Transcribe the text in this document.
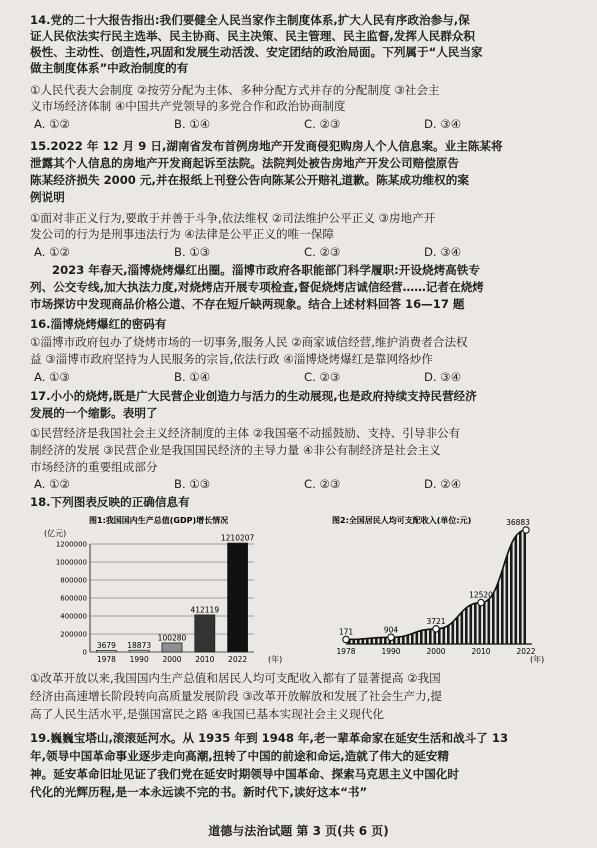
14.党的二十大报告指出:我们要健全人民当家作主制度体系,扩大人民有序政治参与,保
证人民依法实行民主选举、民主协商、民主决策、民主管理、民主监督,发挥人民群众积
极性、主动性、创造性,巩固和发展生动活泼、安定团结的政治局面。下列属于“人民当家
做主制度体系”中政治制度的有
①人民代表大会制度 ②按劳分配为主体、多种分配方式并存的分配制度 ③社会主
义市场经济体制 ④中国共产党领导的多党合作和政治协商制度
A. ①②	B. ①④	C. ②③	D. ③④
15.2022 年 12 月 9 日,湖南省发布首例房地产开发商侵犯购房人个人信息案。业主陈某将
泄露其个人信息的房地产开发商起诉至法院。法院判处被告房地产开发公司赔偿原告
陈某经济损失 2000 元,并在报纸上刊登公告向陈某公开赔礼道歉。陈某成功维权的案
例说明
①面对非正义行为,要敢于并善于斗争,依法维权 ②司法维护公平正义 ③房地产开
发公司的行为是刑事违法行为 ④法律是公平正义的唯一保障
A. ①②	B. ①③	C. ②③	D. ③④
2023 年春天,淄博烧烤爆红出圈。淄博市政府各职能部门科学履职:开设烧烤高铁专
列、公交专线,加大执法力度,对烧烤店开展专项检查,督促烧烤店诚信经营……记者在烧烤
市场探访中发现商品价格公道、不存在短斤缺两现象。结合上述材料回答 16—17 题
16.淄博烧烤爆红的密码有
①淄博市政府包办了烧烤市场的一切事务,服务人民 ②商家诚信经营,维护消费者合法权
益 ③淄博市政府坚持为人民服务的宗旨,依法行政 ④淄博烧烤爆红是靠网络炒作
A. ①③	B. ①④	C. ②③	D. ③④
17.小小的烧烤,既是广大民营企业创造力与活力的生动展现,也是政府持续支持民营经济
发展的一个缩影。表明了
①民营经济是我国社会主义经济制度的主体 ②我国毫不动摇鼓励、支持、引导非公有
制经济的发展 ③民营企业是我国国民经济的主导力量 ④非公有制经济是社会主义
市场经济的重要组成部分
A. ①②	B. ①③	C. ②③	D. ②④
18.下列图表反映的正确信息有
图1:我国国内生产总值(GDP)增长情况
(亿元)
0
200000
400000
600000
800000
1000000
1200000
1978 1990 2000 2010 2022
3679 18873
100280
412119
1210207
(年)
图2:全国居民人均可支配收入(单位:元)
171	904
3721
12520
36883
1978	1990	2000	2010	2022
(年)
①改革开放以来,我国国内生产总值和居民人均可支配收入都有了显著提高 ②我国
经济由高速增长阶段转向高质量发展阶段 ③改革开放解放和发展了社会生产力,提
高了人民生活水平,是强国富民之路 ④我国已基本实现社会主义现代化
19.巍巍宝塔山,滚滚延河水。从 1935 年到 1948 年,老一辈革命家在延安生活和战斗了 13
年,领导中国革命事业逐步走向高潮,扭转了中国的前途和命运,造就了伟大的延安精
神。延安革命旧址见证了我们党在延安时期领导中国革命、探索马克思主义中国化时
代化的光辉历程,是一本永远读不完的书。新时代下,读好这本“书”
道德与法治试题 第 3 页(共 6 页)
